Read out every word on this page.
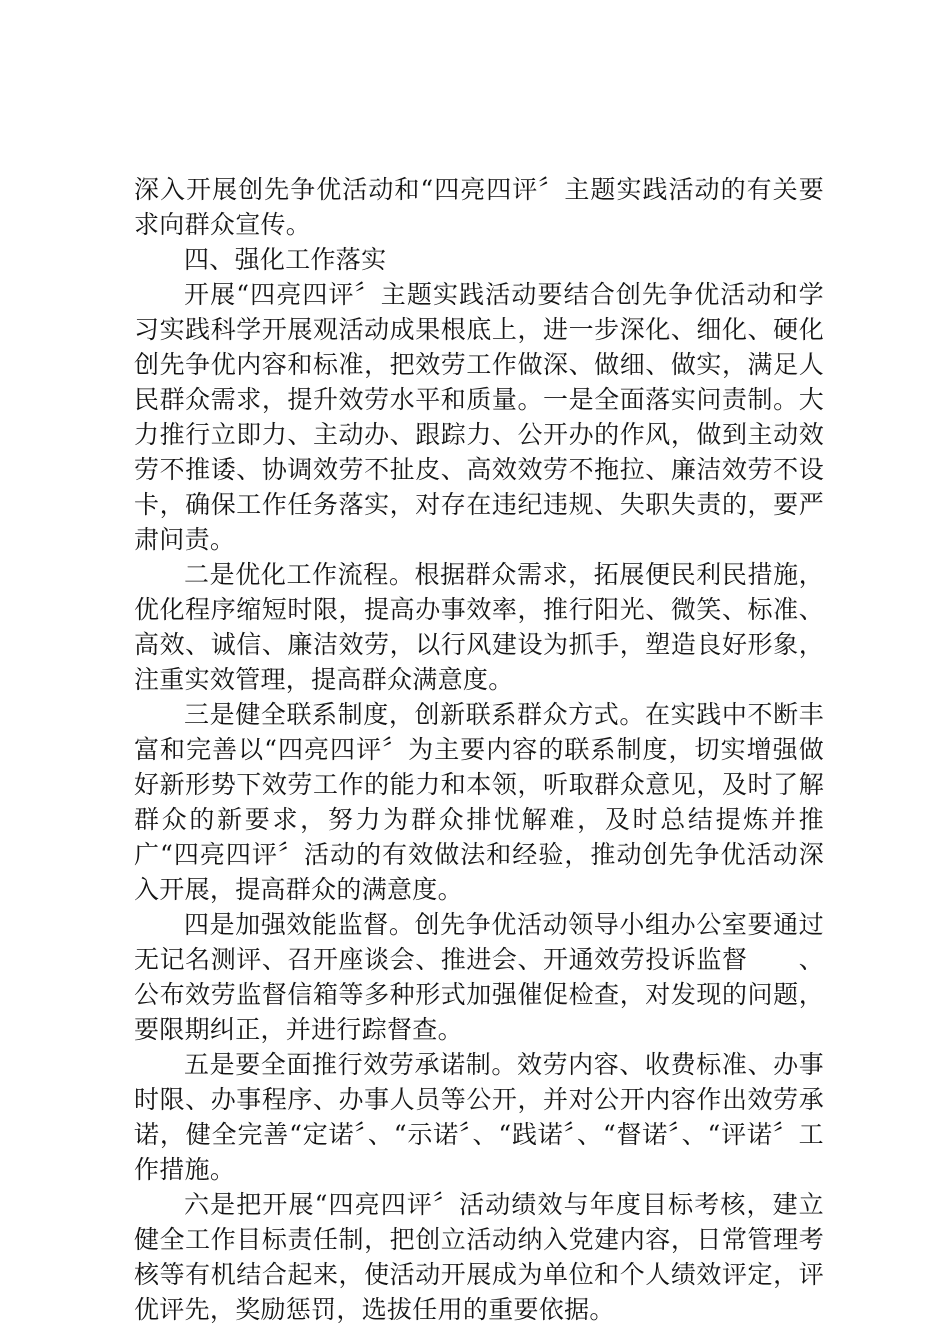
深入开展创先争优活动和“四亮四评〞主题实践活动的有关要求向群众宣传。

四、强化工作落实

开展“四亮四评〞主题实践活动要结合创先争优活动和学习实践科学开展观活动成果根底上，进一步深化、细化、硬化创先争优内容和标准，把效劳工作做深、做细、做实，满足人民群众需求，提升效劳水平和质量。一是全面落实问责制。大力推行立即力、主动办、跟踪力、公开办的作风，做到主动效劳不推诿、协调效劳不扯皮、高效效劳不拖拉、廉洁效劳不设卡，确保工作任务落实，对存在违纪违规、失职失责的，要严肃问责。

二是优化工作流程。根据群众需求，拓展便民利民措施，优化程序缩短时限，提高办事效率，推行阳光、微笑、标准、高效、诚信、廉洁效劳，以行风建设为抓手，塑造良好形象，注重实效管理，提高群众满意度。

三是健全联系制度，创新联系群众方式。在实践中不断丰富和完善以“四亮四评〞为主要内容的联系制度，切实增强做好新形势下效劳工作的能力和本领，听取群众意见，及时了解群众的新要求，努力为群众排忧解难，及时总结提炼并推广“四亮四评〞活动的有效做法和经验，推动创先争优活动深入开展，提高群众的满意度。

四是加强效能监督。创先争优活动领导小组办公室要通过无记名测评、召开座谈会、推进会、开通效劳投诉监督　　、公布效劳监督信箱等多种形式加强催促检查，对发现的问题，要限期纠正，并进行踪督查。

五是要全面推行效劳承诺制。效劳内容、收费标准、办事时限、办事程序、办事人员等公开，并对公开内容作出效劳承诺，健全完善“定诺〞、“示诺〞、“践诺〞、“督诺〞、“评诺〞工作措施。

六是把开展“四亮四评〞活动绩效与年度目标考核，建立健全工作目标责任制，把创立活动纳入党建内容，日常管理考核等有机结合起来，使活动开展成为单位和个人绩效评定，评优评先，奖励惩罚，选拔任用的重要依据。
